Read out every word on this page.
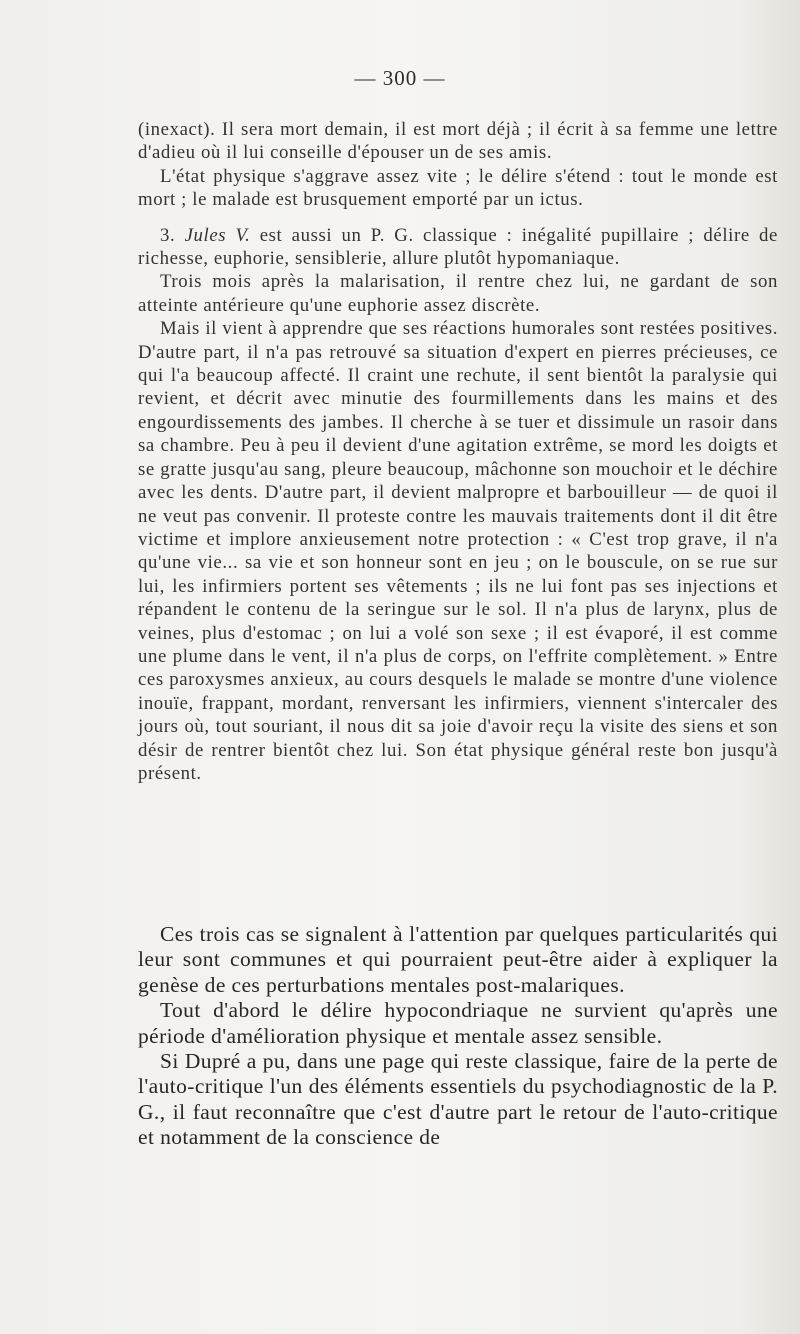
— 300 —

(inexact). Il sera mort demain, il est mort déjà ; il écrit à sa femme une lettre d'adieu où il lui conseille d'épouser un de ses amis.

L'état physique s'aggrave assez vite ; le délire s'étend : tout le monde est mort ; le malade est brusquement emporté par un ictus.

3. Jules V. est aussi un P. G. classique : inégalité pupillaire ; délire de richesse, euphorie, sensiblerie, allure plutôt hypomaniaque.

Trois mois après la malarisation, il rentre chez lui, ne gardant de son atteinte antérieure qu'une euphorie assez discrète.

Mais il vient à apprendre que ses réactions humorales sont restées positives. D'autre part, il n'a pas retrouvé sa situation d'expert en pierres précieuses, ce qui l'a beaucoup affecté. Il craint une rechute, il sent bientôt la paralysie qui revient, et décrit avec minutie des fourmillements dans les mains et des engourdissements des jambes. Il cherche à se tuer et dissimule un rasoir dans sa chambre. Peu à peu il devient d'une agitation extrême, se mord les doigts et se gratte jusqu'au sang, pleure beaucoup, mâchonne son mouchoir et le déchire avec les dents. D'autre part, il devient malpropre et barbouilleur — de quoi il ne veut pas convenir. Il proteste contre les mauvais traitements dont il dit être victime et implore anxieusement notre protection : « C'est trop grave, il n'a qu'une vie... sa vie et son honneur sont en jeu ; on le bouscule, on se rue sur lui, les infirmiers portent ses vêtements ; ils ne lui font pas ses injections et répandent le contenu de la seringue sur le sol. Il n'a plus de larynx, plus de veines, plus d'estomac ; on lui a volé son sexe ; il est évaporé, il est comme une plume dans le vent, il n'a plus de corps, on l'effrite complètement. » Entre ces paroxysmes anxieux, au cours desquels le malade se montre d'une violence inouïe, frappant, mordant, renversant les infirmiers, viennent s'intercaler des jours où, tout souriant, il nous dit sa joie d'avoir reçu la visite des siens et son désir de rentrer bientôt chez lui. Son état physique général reste bon jusqu'à présent.

Ces trois cas se signalent à l'attention par quelques particularités qui leur sont communes et qui pourraient peut-être aider à expliquer la genèse de ces perturbations mentales post-malariques.

Tout d'abord le délire hypocondriaque ne survient qu'après une période d'amélioration physique et mentale assez sensible.

Si Dupré a pu, dans une page qui reste classique, faire de la perte de l'auto-critique l'un des éléments essentiels du psychodiagnostic de la P. G., il faut reconnaître que c'est d'autre part le retour de l'auto-critique et notamment de la conscience de
